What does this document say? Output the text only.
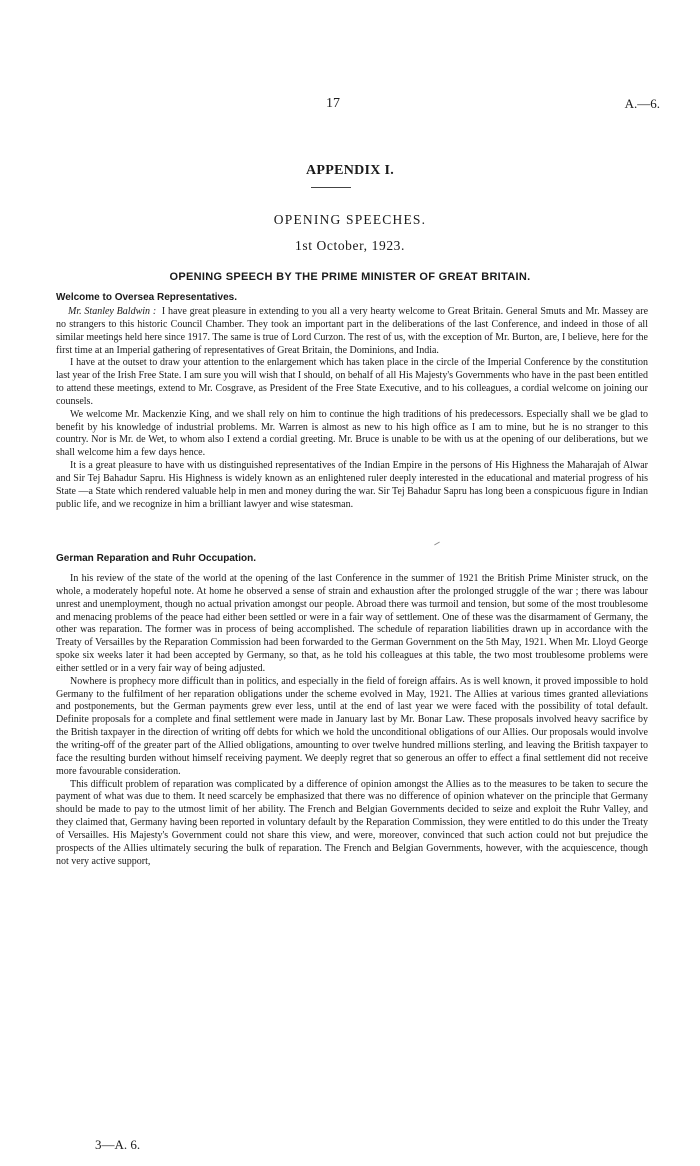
17	A.—6.
APPENDIX I.
OPENING SPEECHES.
1st October, 1923.
OPENING SPEECH BY THE PRIME MINISTER OF GREAT BRITAIN.
Welcome to Oversea Representatives.

Mr. Stanley Baldwin : I have great pleasure in extending to you all a very hearty welcome to Great Britain. General Smuts and Mr. Massey are no strangers to this historic Council Chamber. They took an important part in the deliberations of the last Conference, and indeed in those of all similar meetings held here since 1917. The same is true of Lord Curzon. The rest of us, with the exception of Mr. Burton, are, I believe, here for the first time at an Imperial gathering of representatives of Great Britain, the Dominions, and India.

I have at the outset to draw your attention to the enlargement which has taken place in the circle of the Imperial Conference by the constitution last year of the Irish Free State. I am sure you will wish that I should, on behalf of all His Majesty's Governments who have in the past been entitled to attend these meetings, extend to Mr. Cosgrave, as President of the Free State Executive, and to his colleagues, a cordial welcome on joining our counsels.

We welcome Mr. Mackenzie King, and we shall rely on him to continue the high traditions of his predecessors. Especially shall we be glad to benefit by his knowledge of industrial problems. Mr. Warren is almost as new to his high office as I am to mine, but he is no stranger to this country. Nor is Mr. de Wet, to whom also I extend a cordial greeting. Mr. Bruce is unable to be with us at the opening of our deliberations, but we shall welcome him a few days hence.

It is a great pleasure to have with us distinguished representatives of the Indian Empire in the persons of His Highness the Maharajah of Alwar and Sir Tej Bahadur Sapru. His Highness is widely known as an enlightened ruler deeply interested in the educational and material progress of his State —a State which rendered valuable help in men and money during the war. Sir Tej Bahadur Sapru has long been a conspicuous figure in Indian public life, and we recognize in him a brilliant lawyer and wise statesman.

German Reparation and Ruhr Occupation.

In his review of the state of the world at the opening of the last Conference in the summer of 1921 the British Prime Minister struck, on the whole, a moderately hopeful note. At home he observed a sense of strain and exhaustion after the prolonged struggle of the war ; there was labour unrest and unemployment, though no actual privation amongst our people. Abroad there was turmoil and tension, but some of the most troublesome and menacing problems of the peace had either been settled or were in a fair way of settlement. One of these was the disarmament of Germany, the other was reparation. The former was in process of being accomplished. The schedule of reparation liabilities drawn up in accordance with the Treaty of Versailles by the Reparation Commission had been forwarded to the German Government on the 5th May, 1921. When Mr. Lloyd George spoke six weeks later it had been accepted by Germany, so that, as he told his colleagues at this table, the two most troublesome problems were either settled or in a very fair way of being adjusted.

Nowhere is prophecy more difficult than in politics, and especially in the field of foreign affairs. As is well known, it proved impossible to hold Germany to the fulfilment of her reparation obligations under the scheme evolved in May, 1921. The Allies at various times granted alleviations and postponements, but the German payments grew ever less, until at the end of last year we were faced with the possibility of total default. Definite proposals for a complete and final settlement were made in January last by Mr. Bonar Law. These proposals involved heavy sacrifice by the British taxpayer in the direction of writing off debts for which we hold the unconditional obligations of our Allies. Our proposals would involve the writing-off of the greater part of the Allied obligations, amounting to over twelve hundred millions sterling, and leaving the British taxpayer to face the resulting burden without himself receiving payment. We deeply regret that so generous an offer to effect a final settlement did not receive more favourable consideration.

This difficult problem of reparation was complicated by a difference of opinion amongst the Allies as to the measures to be taken to secure the payment of what was due to them. It need scarcely be emphasized that there was no difference of opinion whatever on the principle that Germany should be made to pay to the utmost limit of her ability. The French and Belgian Governments decided to seize and exploit the Ruhr Valley, and they claimed that, Germany having been reported in voluntary default by the Reparation Commission, they were entitled to do this under the Treaty of Versailles. His Majesty's Government could not share this view, and were, moreover, convinced that such action could not but prejudice the prospects of the Allies ultimately securing the bulk of reparation. The French and Belgian Governments, however, with the acquiescence, though not very active support,

3—A. 6.
